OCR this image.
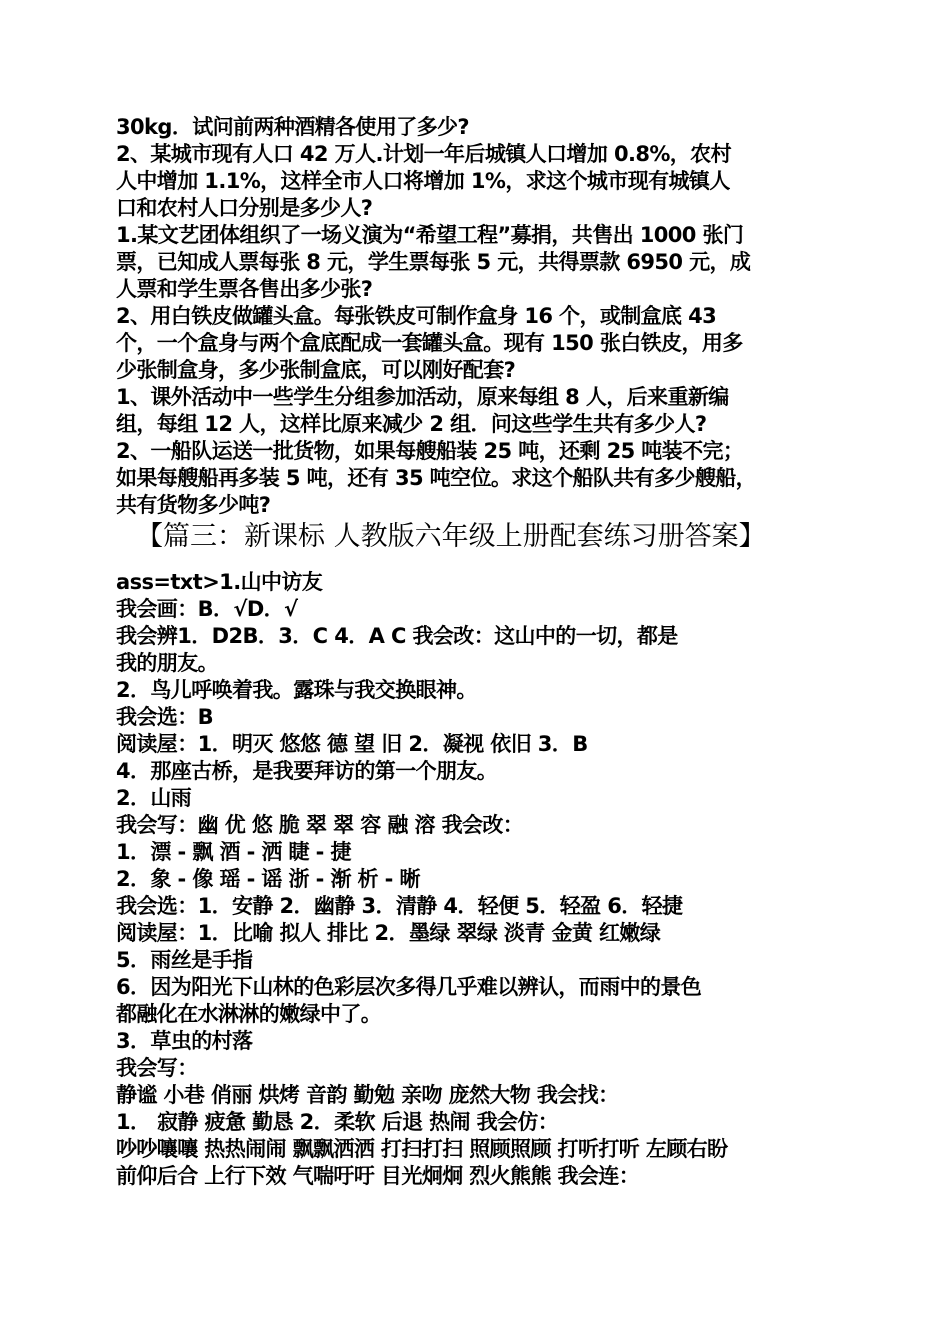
30kg．试问前两种酒精各使用了多少?
2、某城市现有人口 42 万人.计划一年后城镇人口增加 0.8%，农村
人中增加 1.1%，这样全市人口将增加 1%，求这个城市现有城镇人
口和农村人口分别是多少人?
1.某文艺团体组织了一场义演为“希望工程”募捐，共售出 1000 张门
票，已知成人票每张 8 元，学生票每张 5 元，共得票款 6950 元，成
人票和学生票各售出多少张?
2、用白铁皮做罐头盒。每张铁皮可制作盒身 16 个，或制盒底 43
个，一个盒身与两个盒底配成一套罐头盒。现有 150 张白铁皮，用多
少张制盒身，多少张制盒底，可以刚好配套?
1、课外活动中一些学生分组参加活动，原来每组 8 人，后来重新编
组，每组 12 人，这样比原来减少 2 组．问这些学生共有多少人?
2、一船队运送一批货物，如果每艘船装 25 吨，还剩 25 吨装不完；
如果每艘船再多装 5 吨，还有 35 吨空位。求这个船队共有多少艘船，
共有货物多少吨?
【篇三：新课标 人教版六年级上册配套练习册答案】
ass=txt>1.山中访友
我会画：B．√D．√
我会辨1．D2B．3．C 4．A C 我会改：这山中的一切，都是
我的朋友。
2．鸟儿呼唤着我。露珠与我交换眼神。
我会选：B
阅读屋：1．明灭 悠悠 德 望 旧 2．凝视 依旧 3．B
4．那座古桥，是我要拜访的第一个朋友。
2．山雨
我会写：幽 优 悠 脆 翠 翠 容 融 溶 我会改：
1．漂 - 飘 酒 - 洒 睫 - 捷
2．象 - 像 瑶 - 谣 浙 - 渐 析 - 晰
我会选：1．安静 2．幽静 3．清静 4．轻便 5．轻盈 6．轻捷
阅读屋：1．比喻 拟人 排比 2．墨绿 翠绿 淡青 金黄 红嫩绿
5．雨丝是手指
6．因为阳光下山林的色彩层次多得几乎难以辨认，而雨中的景色
都融化在水淋淋的嫩绿中了。
3．草虫的村落
我会写：
静谧 小巷 俏丽 烘烤 音韵 勤勉 亲吻 庞然大物 我会找：
1． 寂静 疲惫 勤恳 2．柔软 后退 热闹 我会仿：
吵吵嚷嚷 热热闹闹 飘飘洒洒 打扫打扫 照顾照顾 打听打听 左顾右盼
前仰后合 上行下效 气喘吁吁 目光炯炯 烈火熊熊 我会连：
